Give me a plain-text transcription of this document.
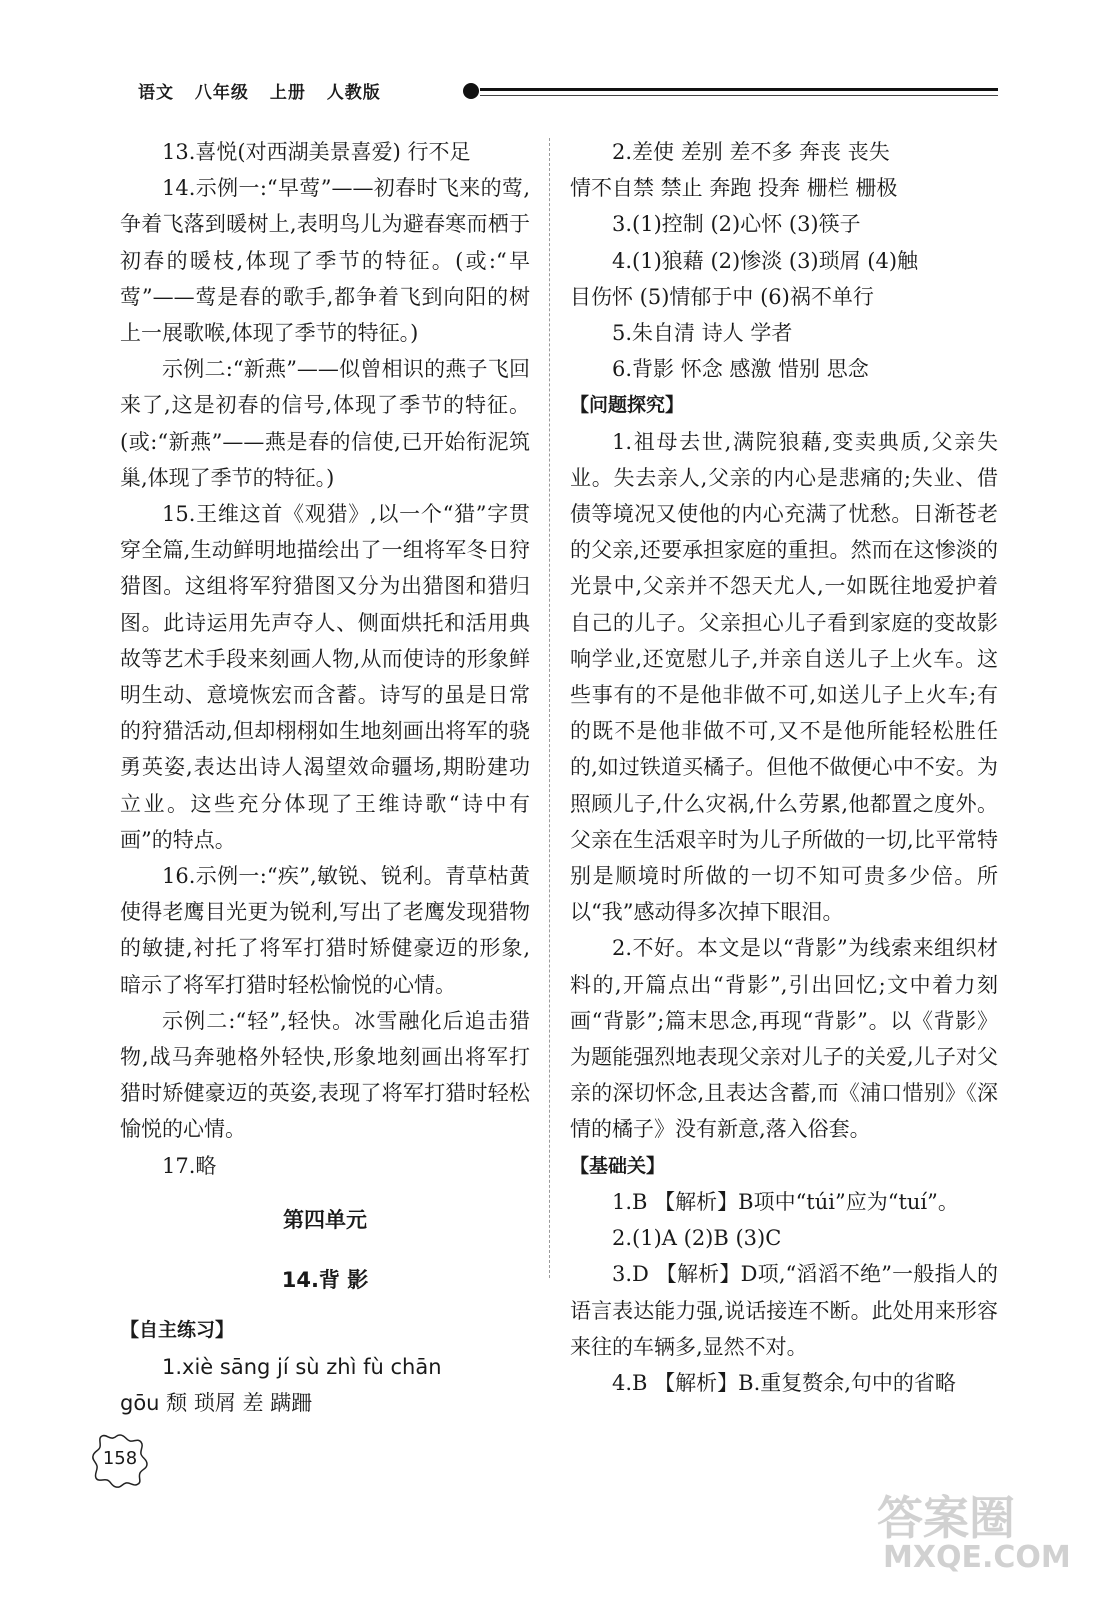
语文 八年级 上册 人教版

13.喜悦(对西湖美景喜爱) 行不足

14.示例一:“早莺”——初春时飞来的莺,争着飞落到暖树上,表明鸟儿为避春寒而栖于初春的暖枝,体现了季节的特征。(或:“早莺”——莺是春的歌手,都争着飞到向阳的树上一展歌喉,体现了季节的特征。)

示例二:“新燕”——似曾相识的燕子飞回来了,这是初春的信号,体现了季节的特征。(或:“新燕”——燕是春的信使,已开始衔泥筑巢,体现了季节的特征。)

15.王维这首《观猎》,以一个“猎”字贯穿全篇,生动鲜明地描绘出了一组将军冬日狩猎图。这组将军狩猎图又分为出猎图和猎归图。此诗运用先声夺人、侧面烘托和活用典故等艺术手段来刻画人物,从而使诗的形象鲜明生动、意境恢宏而含蓄。诗写的虽是日常的狩猎活动,但却栩栩如生地刻画出将军的骁勇英姿,表达出诗人渴望效命疆场,期盼建功立业。这些充分体现了王维诗歌“诗中有画”的特点。

16.示例一:“疾”,敏锐、锐利。青草枯黄使得老鹰目光更为锐利,写出了老鹰发现猎物的敏捷,衬托了将军打猎时矫健豪迈的形象,暗示了将军打猎时轻松愉悦的心情。

示例二:“轻”,轻快。冰雪融化后追击猎物,战马奔驰格外轻快,形象地刻画出将军打猎时矫健豪迈的英姿,表现了将军打猎时轻松愉悦的心情。

17.略

第四单元
14.背 影

【自主练习】

1.xiè sāng jí sù zhì fù chān

gōu 颓 琐屑 差 蹒跚

2.差使 差别 差不多 奔丧 丧失

情不自禁 禁止 奔跑 投奔 栅栏 栅极

3.(1)控制 (2)心怀 (3)筷子

4.(1)狼藉 (2)惨淡 (3)琐屑 (4)触

目伤怀 (5)情郁于中 (6)祸不单行

5.朱自清 诗人 学者

6.背影 怀念 感激 惜别 思念

【问题探究】

1.祖母去世,满院狼藉,变卖典质,父亲失业。失去亲人,父亲的内心是悲痛的;失业、借债等境况又使他的内心充满了忧愁。日渐苍老的父亲,还要承担家庭的重担。然而在这惨淡的光景中,父亲并不怨天尤人,一如既往地爱护着自己的儿子。父亲担心儿子看到家庭的变故影响学业,还宽慰儿子,并亲自送儿子上火车。这些事有的不是他非做不可,如送儿子上火车;有的既不是他非做不可,又不是他所能轻松胜任的,如过铁道买橘子。但他不做便心中不安。为照顾儿子,什么灾祸,什么劳累,他都置之度外。父亲在生活艰辛时为儿子所做的一切,比平常特别是顺境时所做的一切不知可贵多少倍。所以“我”感动得多次掉下眼泪。

2.不好。本文是以“背影”为线索来组织材料的,开篇点出“背影”,引出回忆;文中着力刻画“背影”;篇末思念,再现“背影”。以《背影》为题能强烈地表现父亲对儿子的关爱,儿子对父亲的深切怀念,且表达含蓄,而《浦口惜别》《深情的橘子》没有新意,落入俗套。

【基础关】

1.B 【解析】B项中“túi”应为“tuí”。

2.(1)A (2)B (3)C

3.D 【解析】D项,“滔滔不绝”一般指人的语言表达能力强,说话接连不断。此处用来形容来往的车辆多,显然不对。

4.B 【解析】B.重复赘余,句中的省略

158
答案圈
MXQE.COM
